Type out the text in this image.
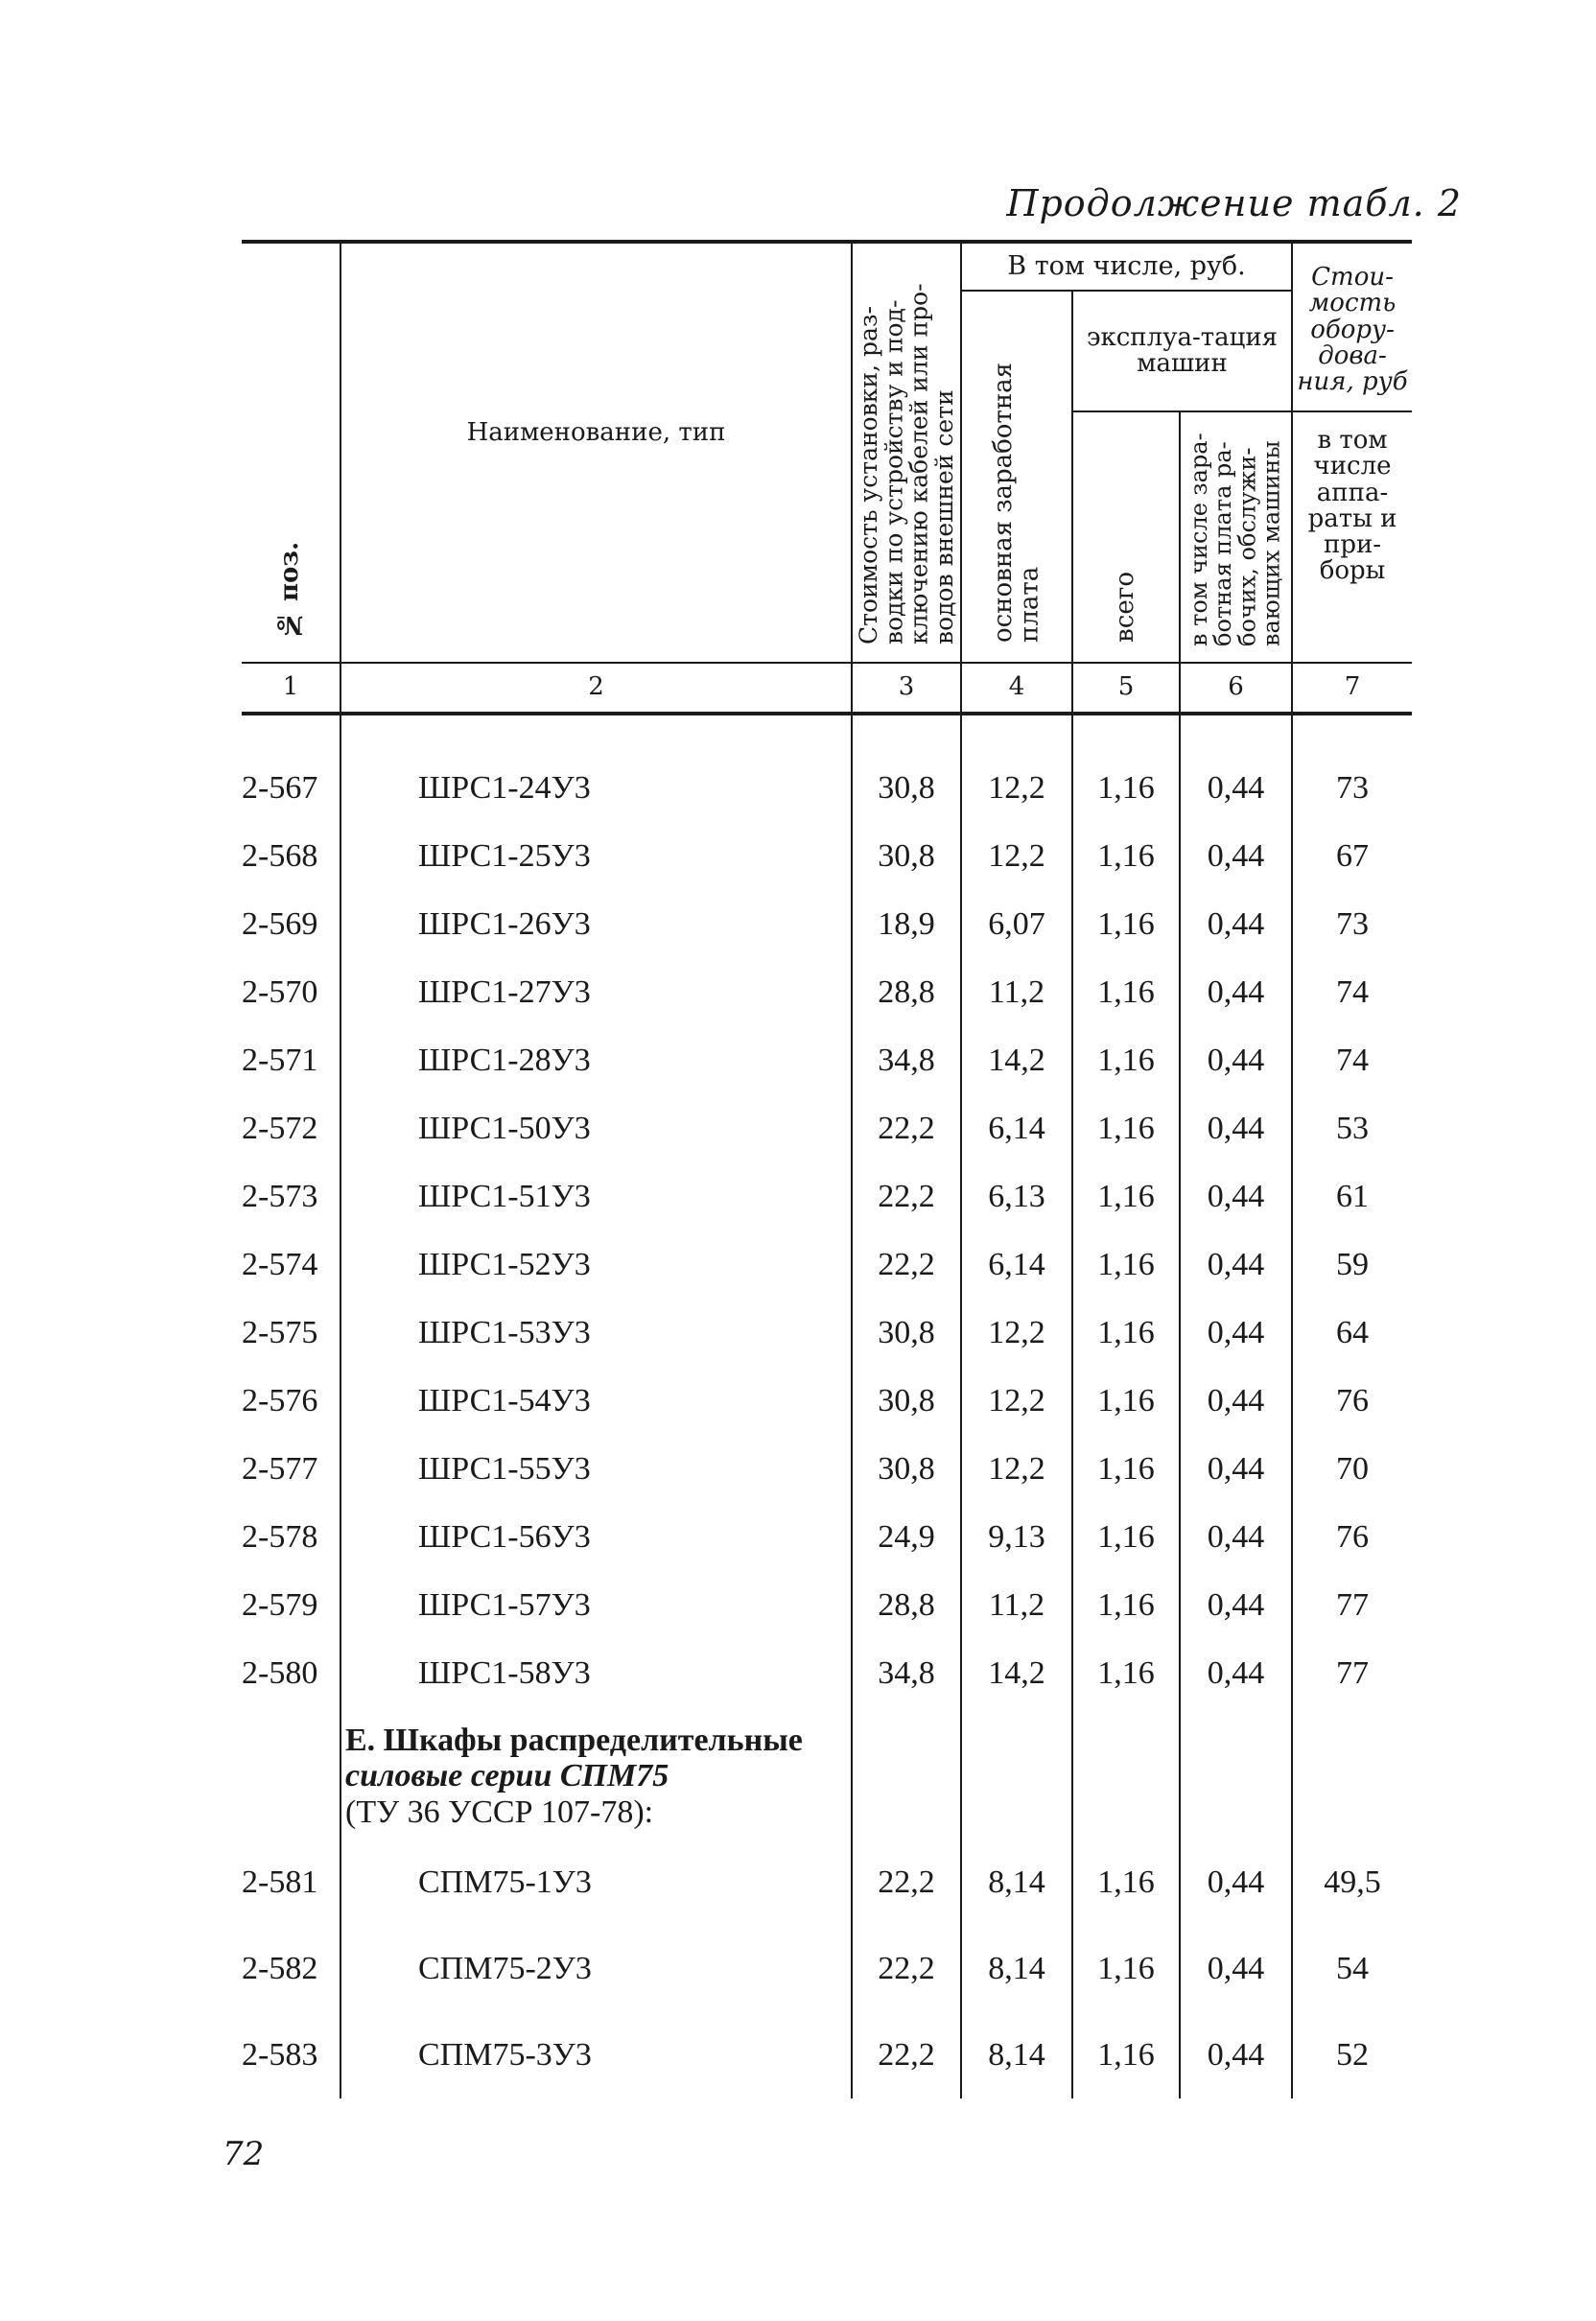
Продолжение табл. 2
№ поз.	Наименование, тип	Стоимость установки, раз-водки по устройству и под-ключению кабелей или про-водов внешней сети	В том числе, руб.			Стои-мость обору-дова-ния, руб
			основная заработная плата	эксплуа-тация машин		
				всего	в том числе зара-ботная плата ра-бочих, обслужи-вающих машины	в том числе аппа-раты и при-боры
1	2	3	4	5	6	7

2-567	ШРС1-24У3	30,8	12,2	1,16	0,44	73
2-568	ШРС1-25У3	30,8	12,2	1,16	0,44	67
2-569	ШРС1-26У3	18,9	6,07	1,16	0,44	73
2-570	ШРС1-27У3	28,8	11,2	1,16	0,44	74
2-571	ШРС1-28У3	34,8	14,2	1,16	0,44	74
2-572	ШРС1-50У3	22,2	6,14	1,16	0,44	53
2-573	ШРС1-51У3	22,2	6,13	1,16	0,44	61
2-574	ШРС1-52У3	22,2	6,14	1,16	0,44	59
2-575	ШРС1-53У3	30,8	12,2	1,16	0,44	64
2-576	ШРС1-54У3	30,8	12,2	1,16	0,44	76
2-577	ШРС1-55У3	30,8	12,2	1,16	0,44	70
2-578	ШРС1-56У3	24,9	9,13	1,16	0,44	76
2-579	ШРС1-57У3	28,8	11,2	1,16	0,44	77
2-580	ШРС1-58У3	34,8	14,2	1,16	0,44	77

	Е. Шкафы распределительные
силовые серии СПМ75
(ТУ 36 УССР 107-78):					

2-581	СПМ75-1У3	22,2	8,14	1,16	0,44	49,5
2-582	СПМ75-2У3	22,2	8,14	1,16	0,44	54
2-583	СПМ75-3У3	22,2	8,14	1,16	0,44	52
72
